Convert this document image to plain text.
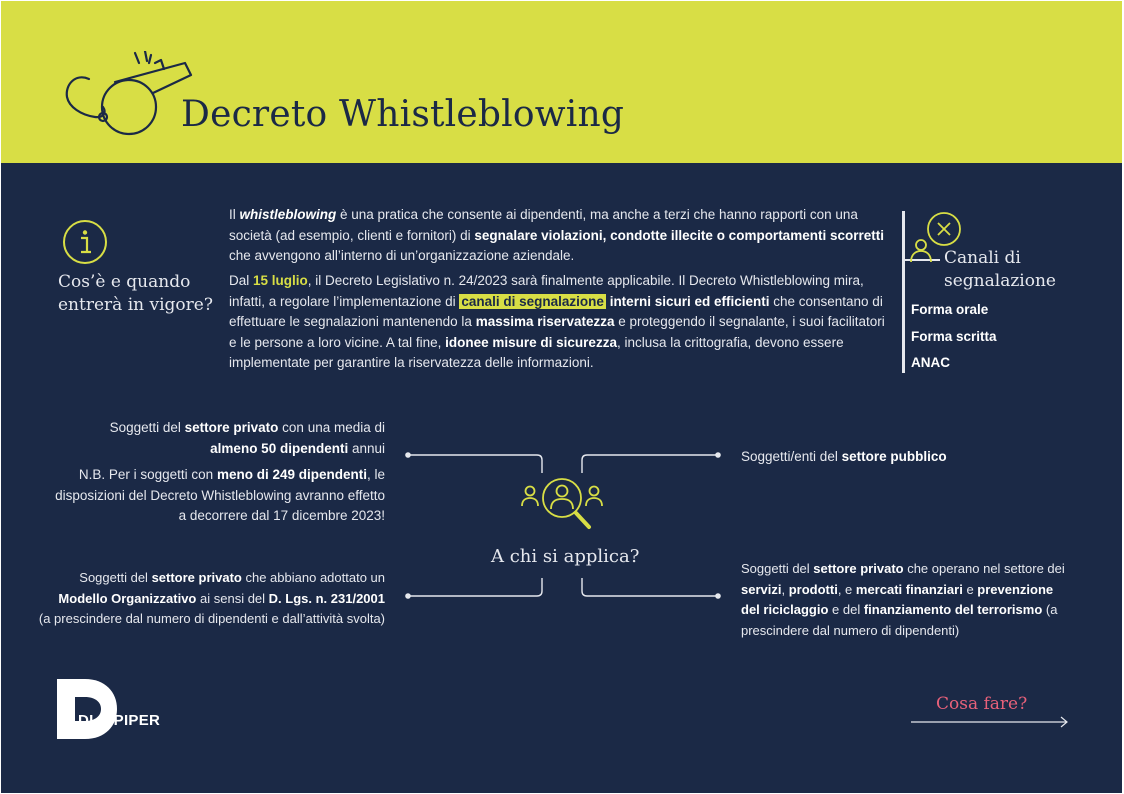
Decreto Whistleblowing
Cos’è e quando
entrerà in vigore?
Il whistleblowing è una pratica che consente ai dipendenti, ma anche a terzi che hanno rapporti con una società (ad esempio, clienti e fornitori) di segnalare violazioni, condotte illecite o comportamenti scorretti che avvengono all’interno di un’organizzazione aziendale.
Dal 15 luglio, il Decreto Legislativo n. 24/2023 sarà finalmente applicabile. Il Decreto Whistleblowing mira, infatti, a regolare l’implementazione di canali di segnalazione interni sicuri ed efficienti che consentano di effettuare le segnalazioni mantenendo la massima riservatezza e proteggendo il segnalante, i suoi facilitatori e le persone a loro vicine. A tal fine, idonee misure di sicurezza, inclusa la crittografia, devono essere implementate per garantire la riservatezza delle informazioni.
Canali di
segnalazione
Forma orale
Forma scritta
ANAC
A chi si applica?
Soggetti del settore privato con una media di
almeno 50 dipendenti annui
N.B. Per i soggetti con meno di 249 dipendenti, le
disposizioni del Decreto Whistleblowing avranno effetto
a decorrere dal 17 dicembre 2023!
Soggetti/enti del settore pubblico
Soggetti del settore privato che abbiano adottato un
Modello Organizzativo ai sensi del D. Lgs. n. 231/2001
(a prescindere dal numero di dipendenti e dall’attività svolta)
Soggetti del settore privato che operano nel settore dei
servizi, prodotti, e mercati finanziari e prevenzione
del riciclaggio e del finanziamento del terrorismo (a
prescindere dal numero di dipendenti)
DLA PIPER
Cosa fare?
